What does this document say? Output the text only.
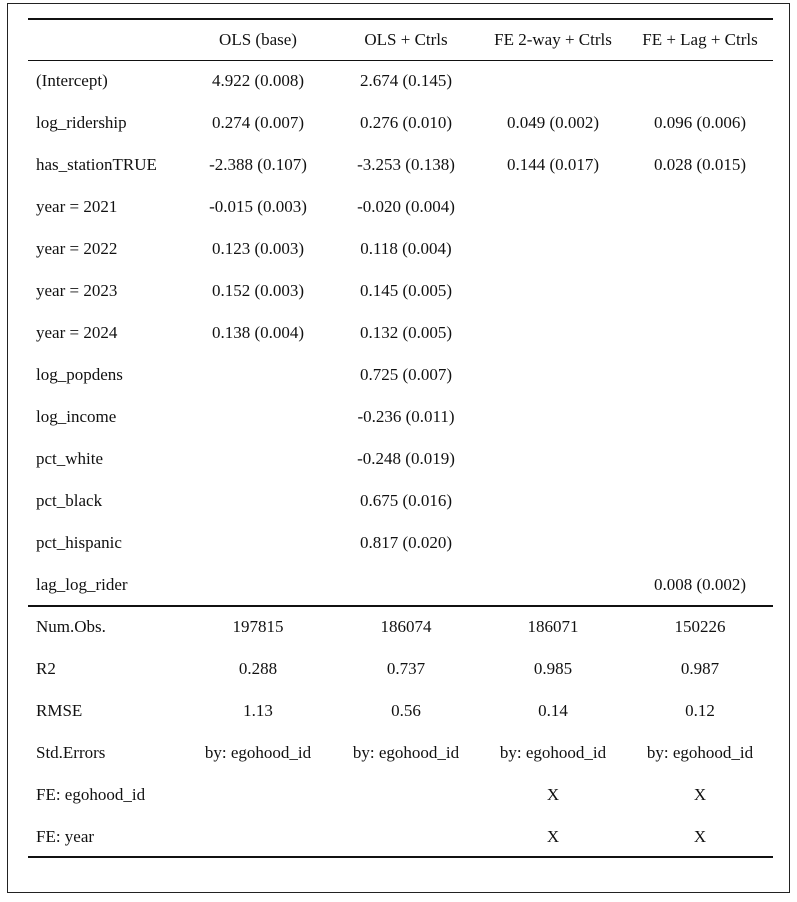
	OLS (base)	OLS + Ctrls	FE 2-way + Ctrls	FE + Lag + Ctrls
(Intercept)	4.922 (0.008)	2.674 (0.145)		
log_ridership	0.274 (0.007)	0.276 (0.010)	0.049 (0.002)	0.096 (0.006)
has_stationTRUE	-2.388 (0.107)	-3.253 (0.138)	0.144 (0.017)	0.028 (0.015)
year = 2021	-0.015 (0.003)	-0.020 (0.004)		
year = 2022	0.123 (0.003)	0.118 (0.004)		
year = 2023	0.152 (0.003)	0.145 (0.005)		
year = 2024	0.138 (0.004)	0.132 (0.005)		
log_popdens		0.725 (0.007)		
log_income		-0.236 (0.011)		
pct_white		-0.248 (0.019)		
pct_black		0.675 (0.016)		
pct_hispanic		0.817 (0.020)		
lag_log_rider				0.008 (0.002)
Num.Obs.	197815	186074	186071	150226
R2	0.288	0.737	0.985	0.987
RMSE	1.13	0.56	0.14	0.12
Std.Errors	by: egohood_id	by: egohood_id	by: egohood_id	by: egohood_id
FE: egohood_id			X	X
FE: year			X	X
